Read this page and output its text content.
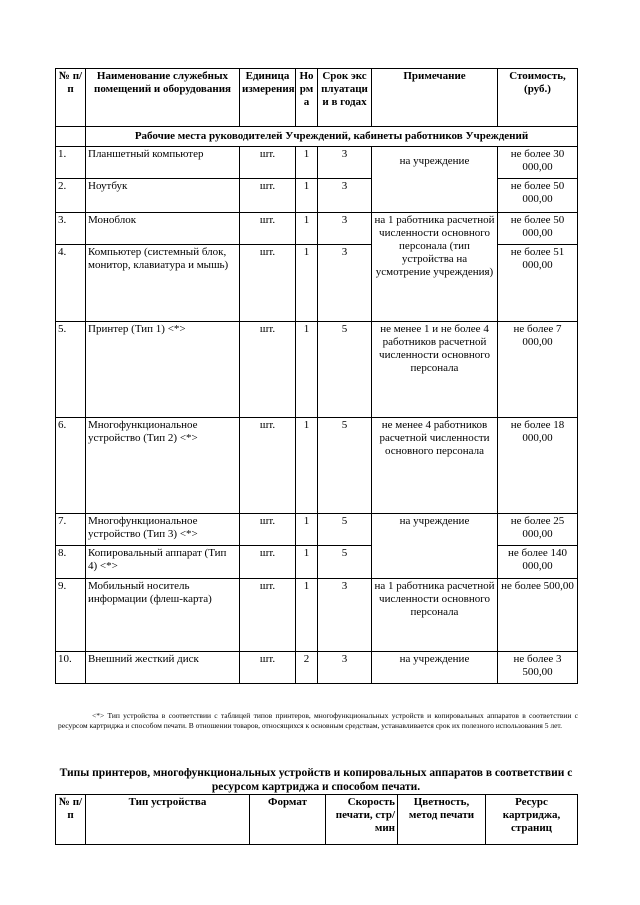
№ п/п	Наименование служебных помещений и оборудования	Единица измерения	Норма	Срок эксплуатации в годах	Примечание	Стоимость, (руб.)
	Рабочие места руководителей Учреждений, кабинеты работников Учреждений					
1.	Планшетный компьютер	шт.	1	3	на учреждение	не более 30 000,00
2.	Ноутбук	шт.	1	3		не более 50 000,00
3.	Моноблок	шт.	1	3	на 1 работника расчетной численности основного персонала (тип устройства на усмотрение учреждения)	не более 50 000,00
4.	Компьютер (системный блок, монитор, клавиатура и мышь)	шт.	1	3		не более 51 000,00
5.	Принтер (Тип 1) <*>	шт.	1	5	не менее 1 и не более 4 работников расчетной численности основного персонала	не более 7 000,00
6.	Многофункциональное устройство (Тип 2) <*>	шт.	1	5	не менее 4 работников расчетной численности основного персонала	не более 18 000,00
7.	Многофункциональное устройство (Тип 3) <*>	шт.	1	5	на учреждение	не более 25 000,00
8.	Копировальный аппарат (Тип 4) <*>	шт.	1	5		не более 140 000,00
9.	Мобильный носитель информации (флеш-карта)	шт.	1	3	на 1 работника расчетной численности основного персонала	не более 500,00
10.	Внешний жесткий диск	шт.	2	3	на учреждение	не более 3 500,00
<*> Тип устройства в соответствии с таблицей типов принтеров, многофункциональных устройств и копировальных аппаратов в соответствии с ресурсом картриджа и способом печати. В отношении товаров, относящихся к основным средствам, устанавливается срок их полезного использования 5 лет.
Типы принтеров, многофункциональных устройств и копировальных аппаратов в соответствии с ресурсом картриджа и способом печати.
№ п/п	Тип устройства	Формат	Скорость печати, стр/мин	Цветность, метод печати	Ресурс картриджа, страниц
